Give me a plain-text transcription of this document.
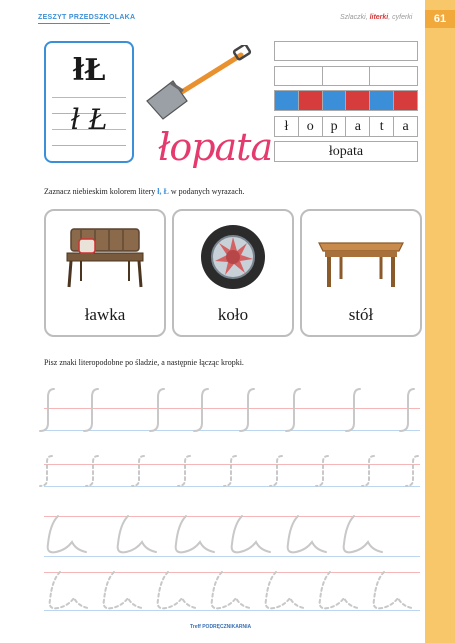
61
ZESZYT PRZEDSZKOLAKA	Szlaczki, literki, cyferki
łŁ
ł Ł
łopata ł	o	p	a	t	a
łopata
Zaznacz niebieskim kolorem litery ł, Ł w podanych wyrazach.
ławka	koło	stół
Pisz znaki literopodobne po śladzie, a następnie łącząc kropki.
Treff PODRĘCZNIKARNIA
